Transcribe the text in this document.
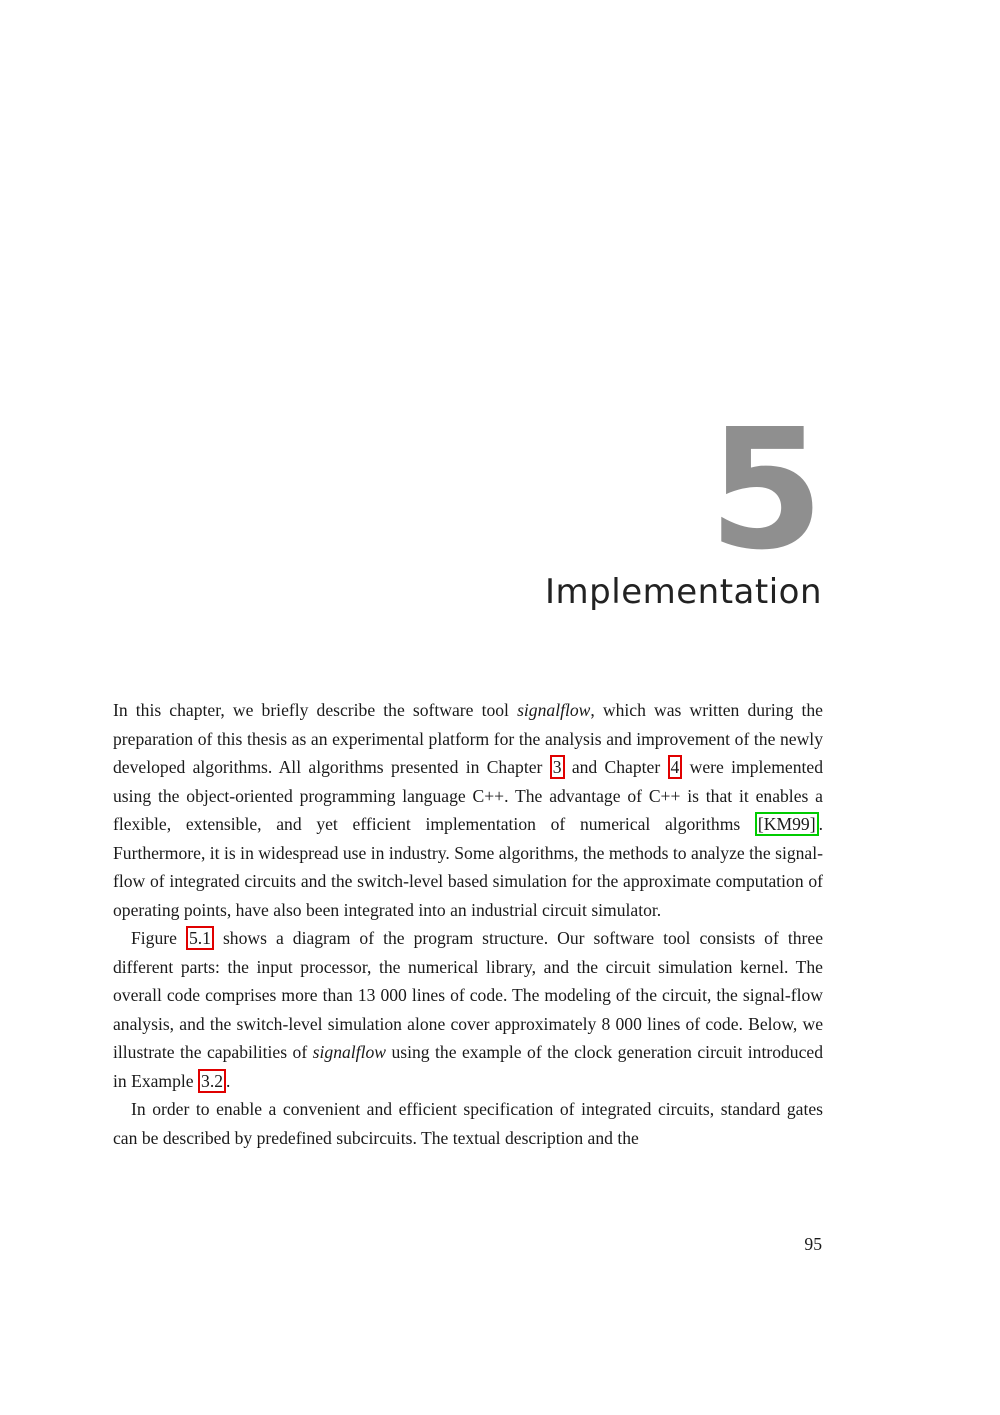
5
Implementation

In this chapter, we briefly describe the software tool signalflow, which was written during the preparation of this thesis as an experimental platform for the analysis and improvement of the newly developed algorithms. All algorithms presented in Chapter 3 and Chapter 4 were implemented using the object-oriented programming language C++. The advantage of C++ is that it enables a flexible, extensible, and yet efficient implementation of numerical algorithms [KM99] . Furthermore, it is in widespread use in industry. Some algorithms, the methods to analyze the signal-flow of integrated circuits and the switch-level based simulation for the approximate computation of operating points, have also been integrated into an industrial circuit simulator.

Figure 5.1 shows a diagram of the program structure. Our software tool consists of three different parts: the input processor, the numerical library, and the circuit simulation kernel. The overall code comprises more than 13 000 lines of code. The modeling of the circuit, the signal-flow analysis, and the switch-level simulation alone cover approximately 8 000 lines of code. Below, we illustrate the capabilities of signalflow using the example of the clock generation circuit introduced in Example 3.2 .

In order to enable a convenient and efficient specification of integrated circuits, standard gates can be described by predefined subcircuits. The textual description and the

95
